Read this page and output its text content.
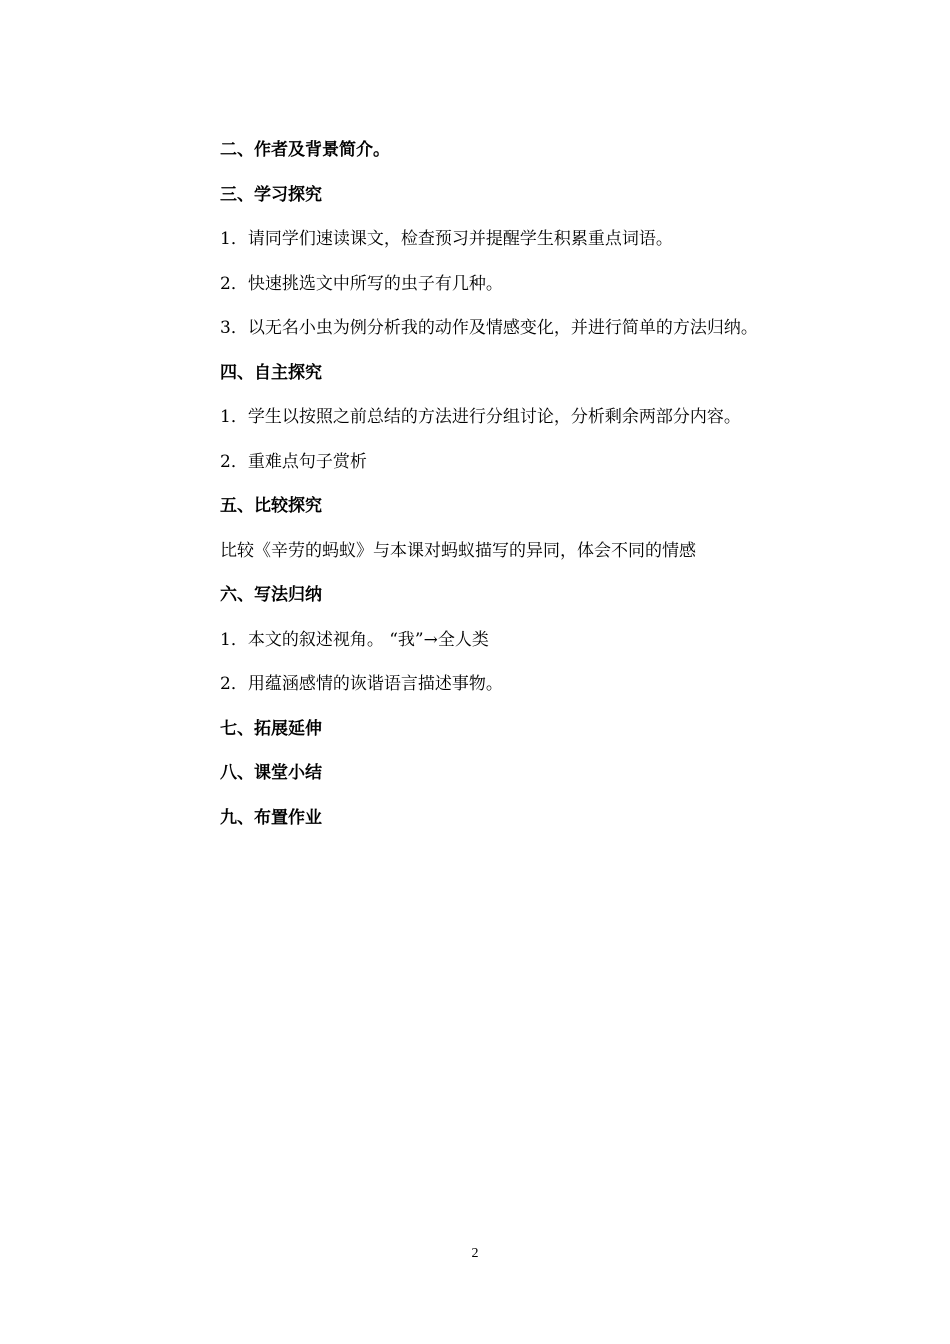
二、作者及背景简介。
三、学习探究
1．请同学们速读课文，检查预习并提醒学生积累重点词语。
2．快速挑选文中所写的虫子有几种。
3．以无名小虫为例分析我的动作及情感变化，并进行简单的方法归纳。
四、自主探究
1．学生以按照之前总结的方法进行分组讨论，分析剩余两部分内容。
2．重难点句子赏析
五、比较探究
比较《辛劳的蚂蚁》与本课对蚂蚁描写的异同，体会不同的情感
六、写法归纳
1．本文的叙述视角。 “我”→全人类
2．用蕴涵感情的诙谐语言描述事物。
七、拓展延伸
八、课堂小结
九、布置作业
2
